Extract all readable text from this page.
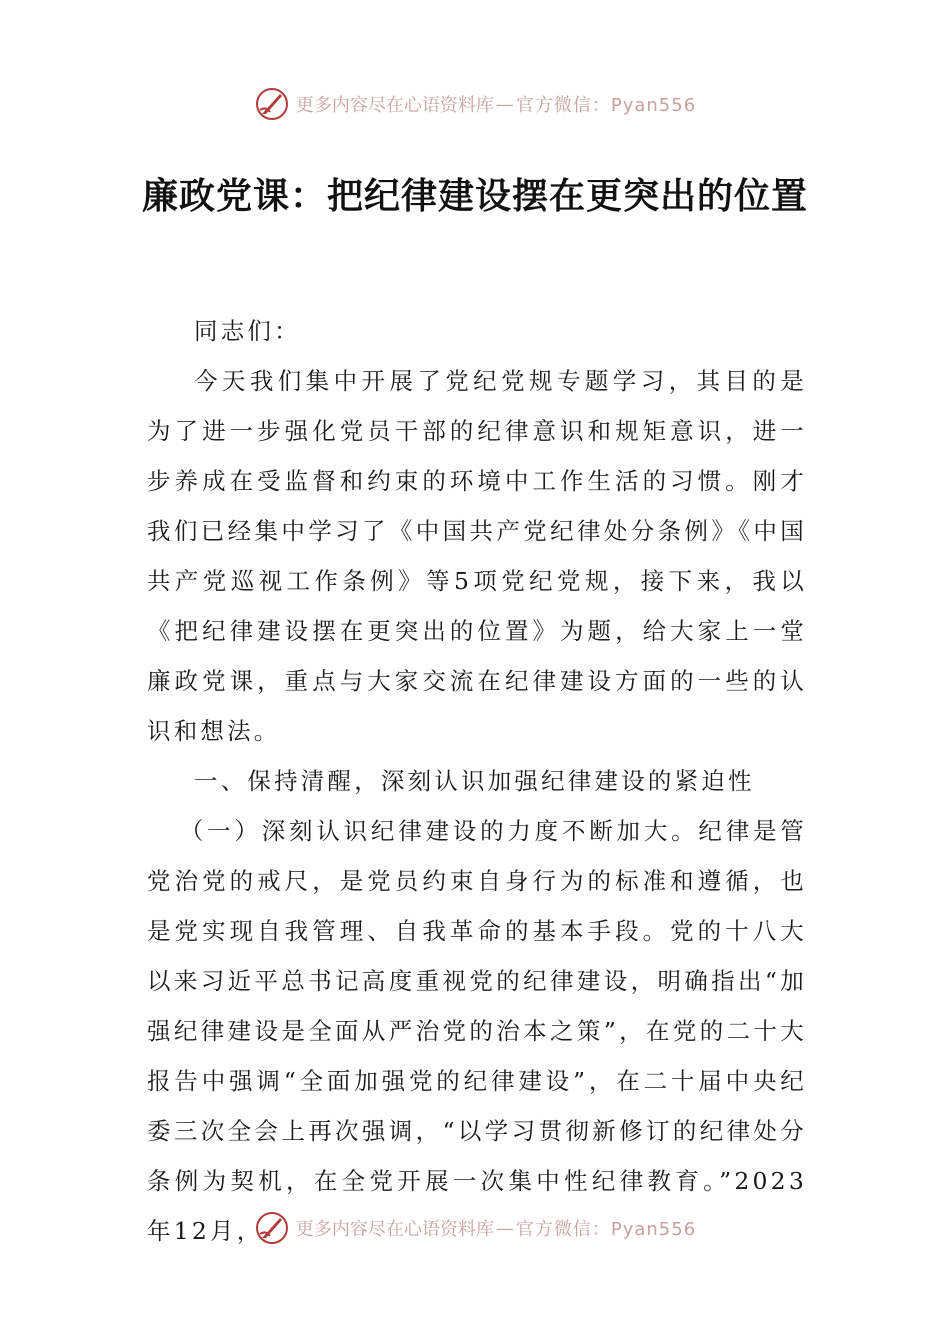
更多内容尽在心语资料库 — 官方微信：Pyan556
廉政党课：把纪律建设摆在更突出的位置

同志们：

今天我们集中开展了党纪党规专题学习，其目的是为了进一步强化党员干部的纪律意识和规矩意识，进一步养成在受监督和约束的环境中工作生活的习惯。刚才我们已经集中学习了《中国共产党纪律处分条例》《中国共产党巡视工作条例》等5项党纪党规，接下来，我以《把纪律建设摆在更突出的位置》为题，给大家上一堂廉政党课，重点与大家交流在纪律建设方面的一些的认识和想法。

一、保持清醒，深刻认识加强纪律建设的紧迫性

（一）深刻认识纪律建设的力度不断加大。纪律是管党治党的戒尺，是党员约束自身行为的标准和遵循，也是党实现自我管理、自我革命的基本手段。党的十八大以来习近平总书记高度重视党的纪律建设，明确指出“加强纪律建设是全面从严治党的治本之策”，在党的二十大报告中强调“全面加强党的纪律建设”，在二十届中央纪委三次全会上再次强调，“以学习贯彻新修订的纪律处分条例为契机，在全党开展一次集中性纪律教育。”2023年12月，	更多内容尽在心语资料库 — 官方微信：Pyan556
